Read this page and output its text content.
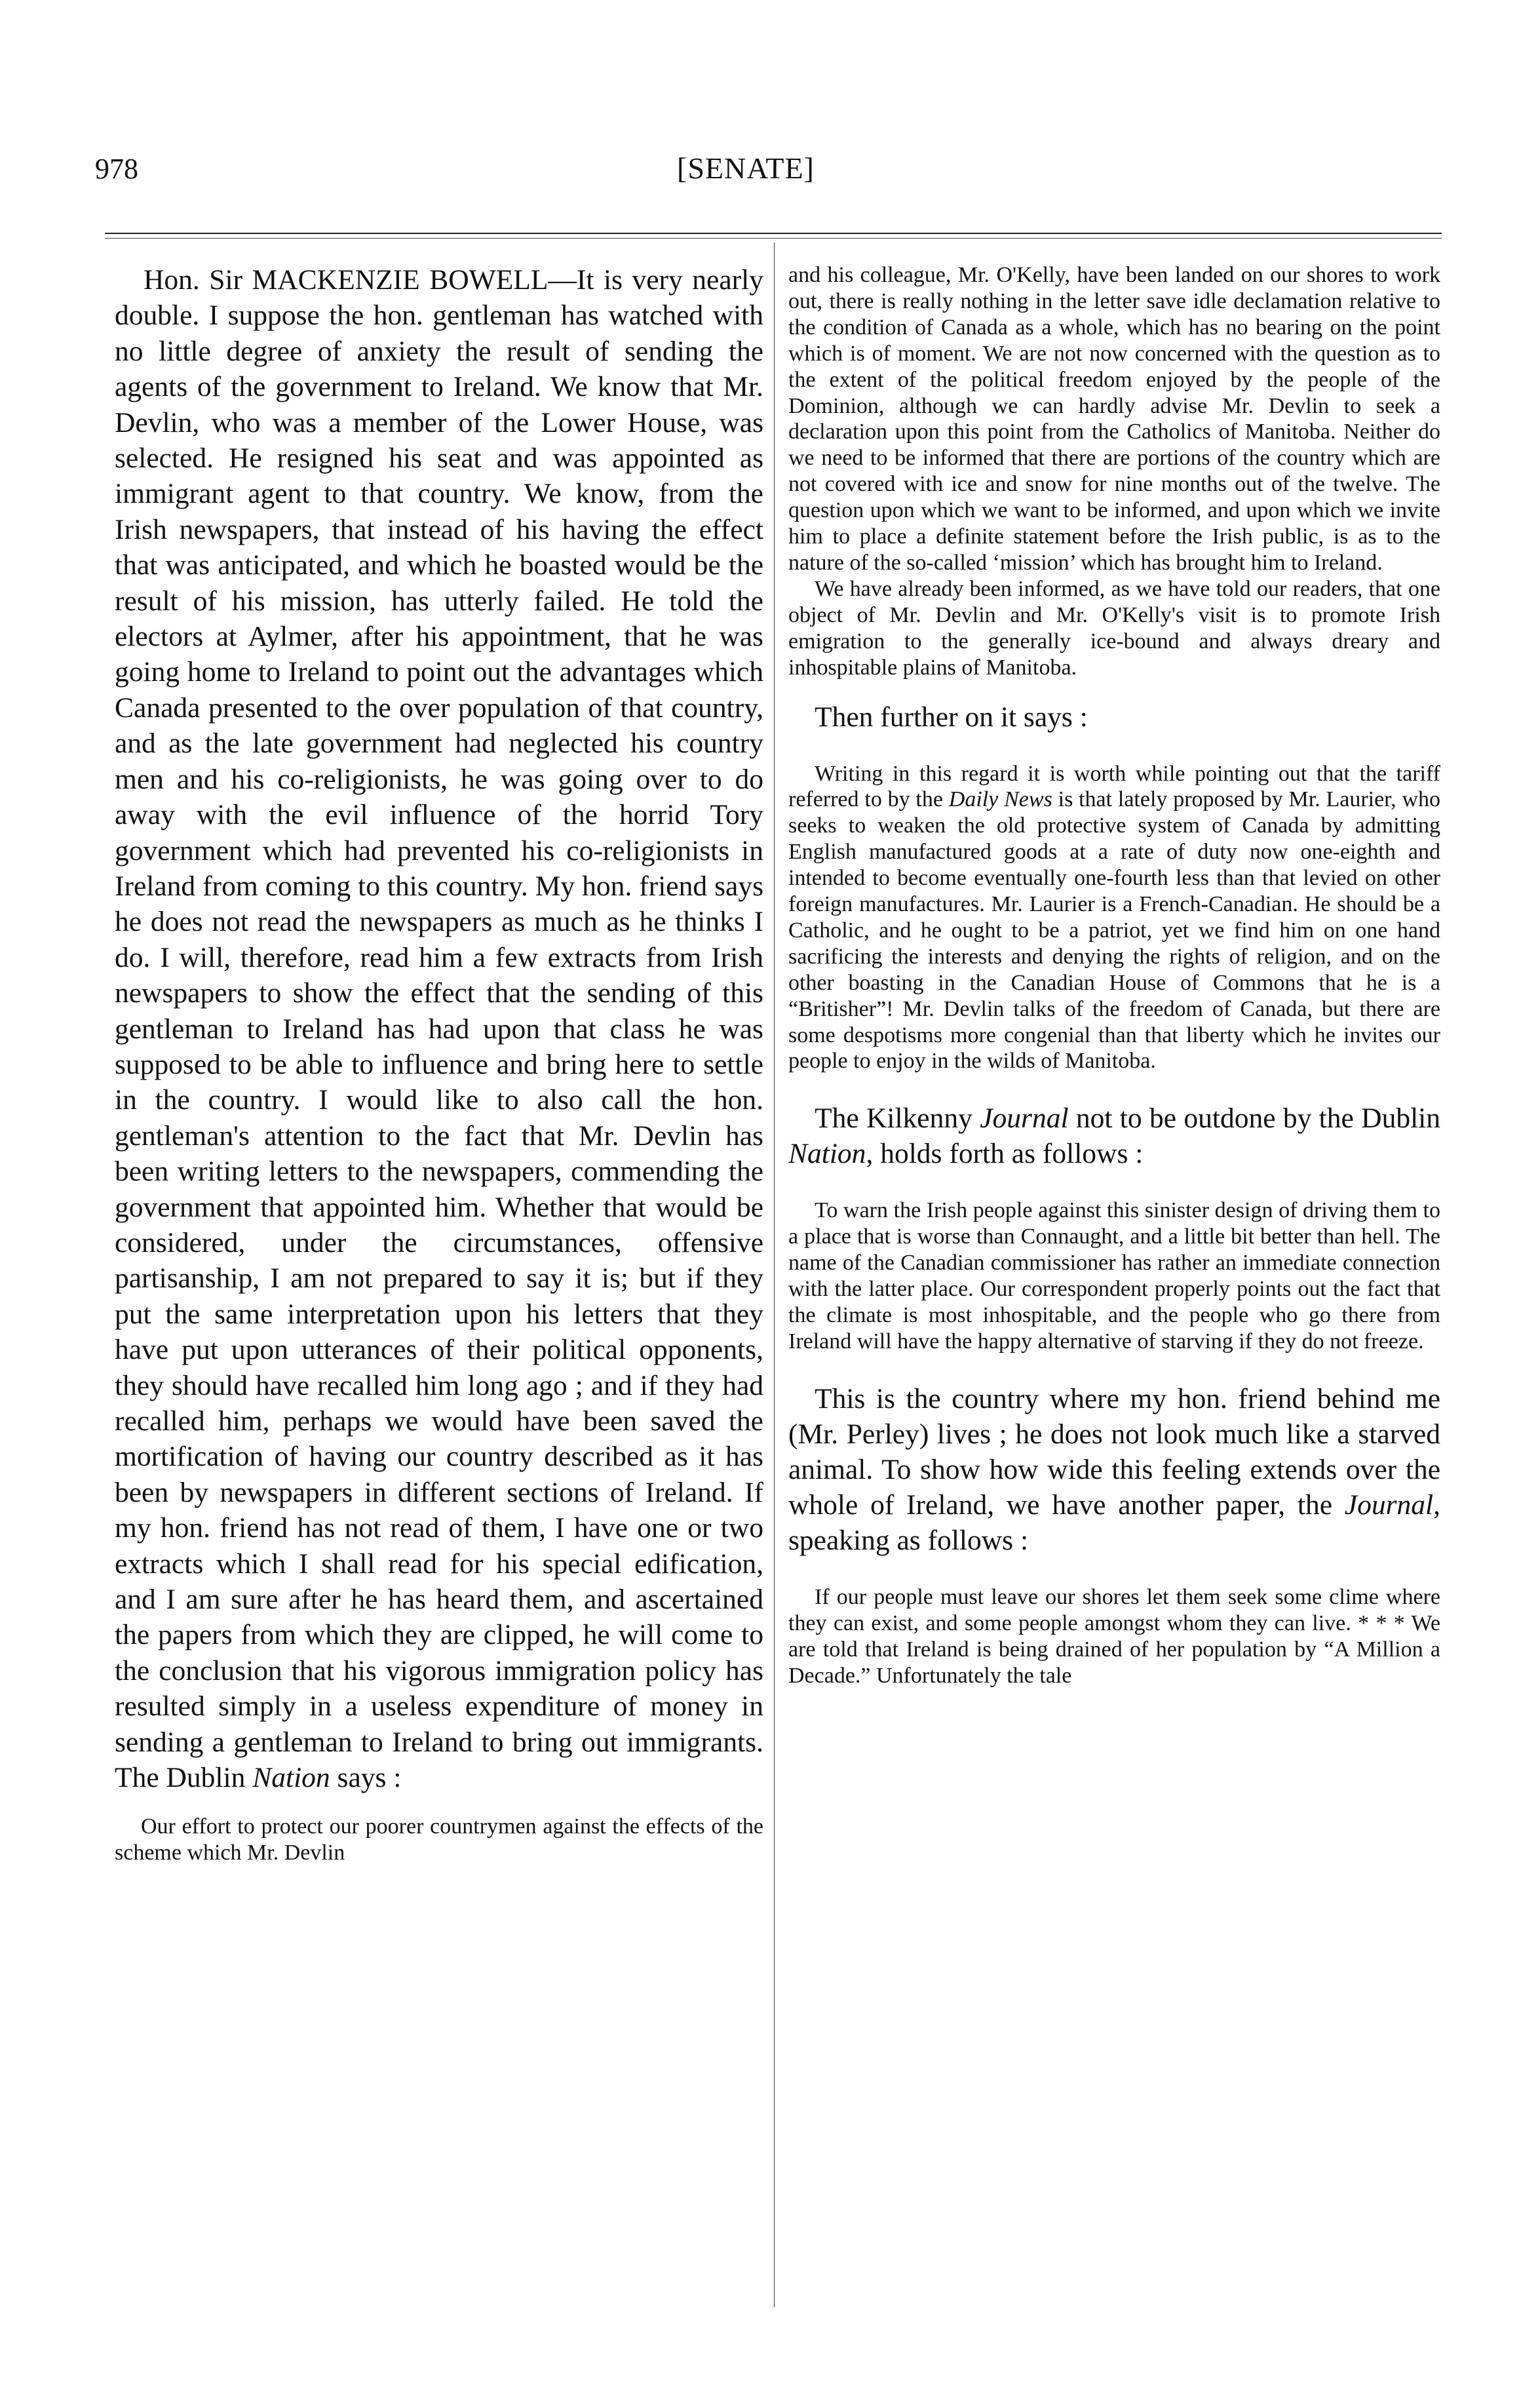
978	[SENATE]

Hon. Sir MACKENZIE BOWELL—It is very nearly double. I suppose the hon. gentleman has watched with no little degree of anxiety the result of sending the agents of the government to Ireland. We know that Mr. Devlin, who was a member of the Lower House, was selected. He resigned his seat and was appointed as immigrant agent to that country. We know, from the Irish newspapers, that instead of his having the effect that was anticipated, and which he boasted would be the result of his mission, has utterly failed. He told the electors at Aylmer, after his appointment, that he was going home to Ireland to point out the advantages which Canada presented to the over population of that country, and as the late government had neglected his country men and his co-religionists, he was going over to do away with the evil influence of the horrid Tory government which had prevented his co-religionists in Ireland from coming to this country. My hon. friend says he does not read the newspapers as much as he thinks I do. I will, therefore, read him a few extracts from Irish newspapers to show the effect that the sending of this gentleman to Ireland has had upon that class he was supposed to be able to influence and bring here to settle in the country. I would like to also call the hon. gentleman's attention to the fact that Mr. Devlin has been writing letters to the newspapers, commending the government that appointed him. Whether that would be considered, under the circumstances, offensive partisanship, I am not prepared to say it is; but if they put the same interpretation upon his letters that they have put upon utterances of their political opponents, they should have recalled him long ago ; and if they had recalled him, perhaps we would have been saved the mortification of having our country described as it has been by newspapers in different sections of Ireland. If my hon. friend has not read of them, I have one or two extracts which I shall read for his special edification, and I am sure after he has heard them, and ascertained the papers from which they are clipped, he will come to the conclusion that his vigorous immigration policy has resulted simply in a useless expenditure of money in sending a gentleman to Ireland to bring out immigrants. The Dublin Nation says :

Our effort to protect our poorer countrymen against the effects of the scheme which Mr. Devlin

and his colleague, Mr. O'Kelly, have been landed on our shores to work out, there is really nothing in the letter save idle declamation relative to the condition of Canada as a whole, which has no bearing on the point which is of moment. We are not now concerned with the question as to the extent of the political freedom enjoyed by the people of the Dominion, although we can hardly advise Mr. Devlin to seek a declaration upon this point from the Catholics of Manitoba. Neither do we need to be informed that there are portions of the country which are not covered with ice and snow for nine months out of the twelve. The question upon which we want to be informed, and upon which we invite him to place a definite statement before the Irish public, is as to the nature of the so-called ‘mission’ which has brought him to Ireland.

We have already been informed, as we have told our readers, that one object of Mr. Devlin and Mr. O'Kelly's visit is to promote Irish emigration to the generally ice-bound and always dreary and inhospitable plains of Manitoba.

Then further on it says :

Writing in this regard it is worth while pointing out that the tariff referred to by the Daily News is that lately proposed by Mr. Laurier, who seeks to weaken the old protective system of Canada by admitting English manufactured goods at a rate of duty now one-eighth and intended to become eventually one-fourth less than that levied on other foreign manufactures. Mr. Laurier is a French-Canadian. He should be a Catholic, and he ought to be a patriot, yet we find him on one hand sacrificing the interests and denying the rights of religion, and on the other boasting in the Canadian House of Commons that he is a “Britisher”! Mr. Devlin talks of the freedom of Canada, but there are some despotisms more congenial than that liberty which he invites our people to enjoy in the wilds of Manitoba.

The Kilkenny Journal not to be outdone by the Dublin Nation, holds forth as follows :

To warn the Irish people against this sinister design of driving them to a place that is worse than Connaught, and a little bit better than hell. The name of the Canadian commissioner has rather an immediate connection with the latter place. Our correspondent properly points out the fact that the climate is most inhospitable, and the people who go there from Ireland will have the happy alternative of starving if they do not freeze.

This is the country where my hon. friend behind me (Mr. Perley) lives ; he does not look much like a starved animal. To show how wide this feeling extends over the whole of Ireland, we have another paper, the Journal, speaking as follows :

If our people must leave our shores let them seek some clime where they can exist, and some people amongst whom they can live. * * * We are told that Ireland is being drained of her population by “A Million a Decade.” Unfortunately the tale
